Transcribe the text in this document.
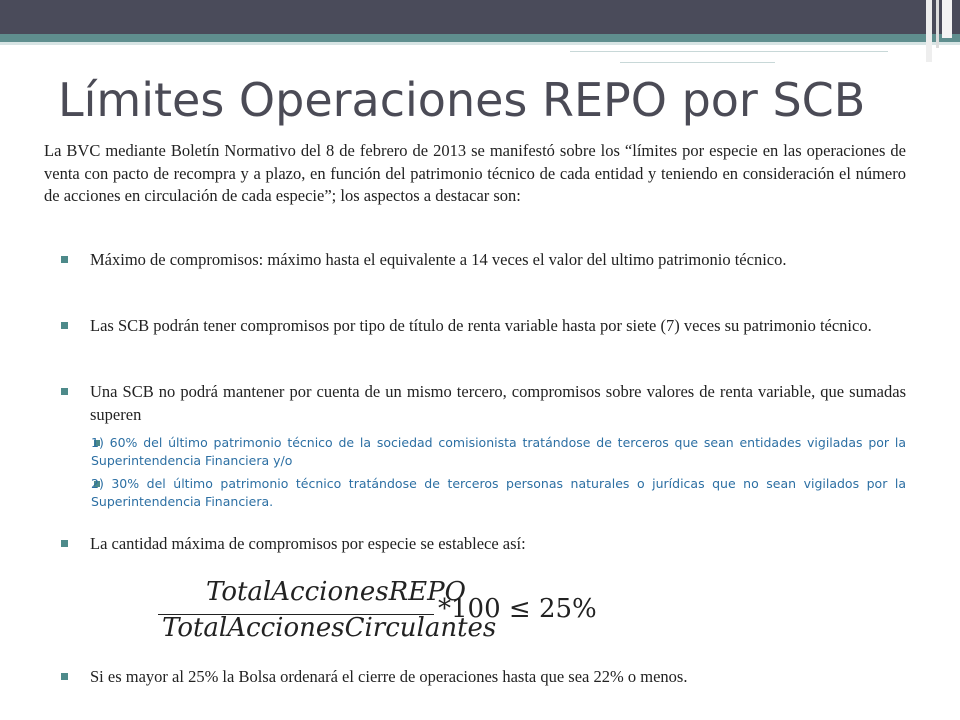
Límites Operaciones REPO por SCB

La BVC mediante Boletín Normativo del 8 de febrero de 2013 se manifestó sobre los “límites por especie en las operaciones de venta con pacto de recompra y a plazo, en función del patrimonio técnico de cada entidad y teniendo en consideración el número de acciones en circulación de cada especie”; los aspectos a destacar son:

Máximo de compromisos: máximo hasta el equivalente a 14 veces el valor del ultimo patrimonio técnico.

Las SCB podrán tener compromisos por tipo de título de renta variable hasta por siete (7) veces su patrimonio técnico.

Una SCB no podrá mantener por cuenta de un mismo tercero, compromisos sobre valores de renta variable, que sumadas superen

1) 60% del último patrimonio técnico de la sociedad comisionista tratándose de terceros que sean entidades vigiladas por la Superintendencia Financiera y/o

2) 30% del último patrimonio técnico tratándose de terceros personas naturales o jurídicas que no sean vigilados por la Superintendencia Financiera.

La cantidad máxima de compromisos por especie se establece así:

TotalAccionesREPO
TotalAccionesCirculantes
*100 ≤ 25%

Si es mayor al 25% la Bolsa ordenará el cierre de operaciones hasta que sea 22% o menos.
